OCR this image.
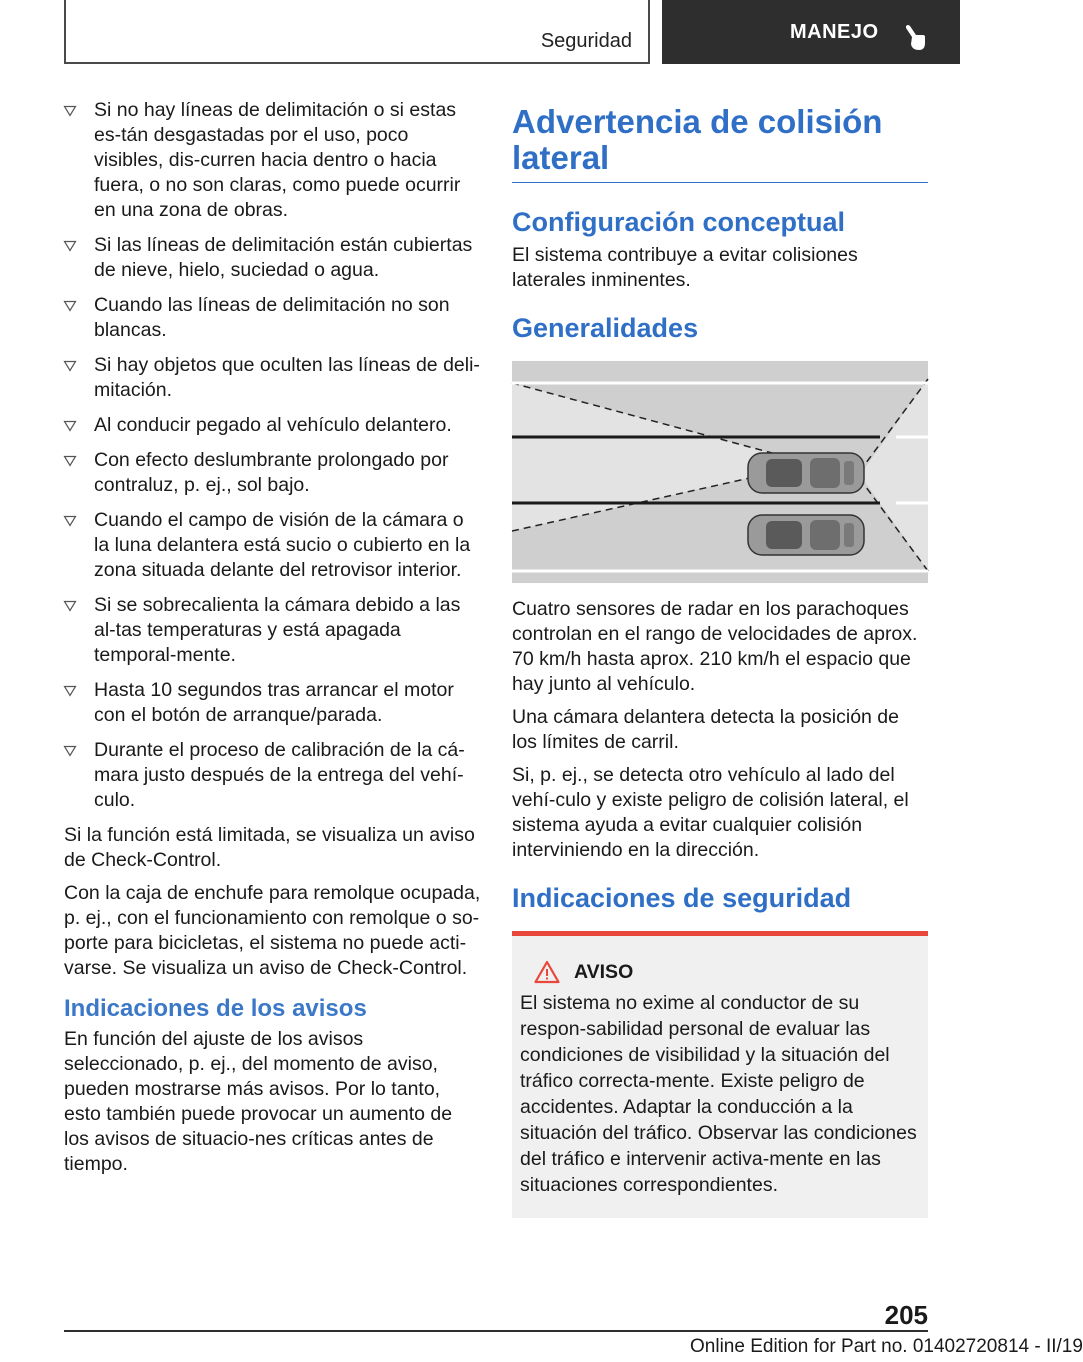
Seguridad	MANEJO
Si no hay líneas de delimitación o si estas es-tán desgastadas por el uso, poco visibles, dis-curren hacia dentro o hacia fuera, o no son claras, como puede ocurrir en una zona de obras.
Si las líneas de delimitación están cubiertas de nieve, hielo, suciedad o agua.
Cuando las líneas de delimitación no son blancas.
Si hay objetos que oculten las líneas de deli-mitación.
Al conducir pegado al vehículo delantero.
Con efecto deslumbrante prolongado por contraluz, p. ej., sol bajo.
Cuando el campo de visión de la cámara o la luna delantera está sucio o cubierto en la zona situada delante del retrovisor interior.
Si se sobrecalienta la cámara debido a las al-tas temperaturas y está apagada temporal-mente.
Hasta 10 segundos tras arrancar el motor con el botón de arranque/parada.
Durante el proceso de calibración de la cá-mara justo después de la entrega del vehí-culo.

Si la función está limitada, se visualiza un aviso de Check-Control.

Con la caja de enchufe para remolque ocupada, p. ej., con el funcionamiento con remolque o so-porte para bicicletas, el sistema no puede acti-varse. Se visualiza un aviso de Check-Control.

Indicaciones de los avisos

En función del ajuste de los avisos seleccionado, p. ej., del momento de aviso, pueden mostrarse más avisos. Por lo tanto, esto también puede provocar un aumento de los avisos de situacio-nes críticas antes de tiempo.

Advertencia de colisión lateral
Configuración conceptual

El sistema contribuye a evitar colisiones laterales inminentes.

Generalidades

Cuatro sensores de radar en los parachoques controlan en el rango de velocidades de aprox. 70 km/h hasta aprox. 210 km/h el espacio que hay junto al vehículo.

Una cámara delantera detecta la posición de los límites de carril.

Si, p. ej., se detecta otro vehículo al lado del vehí-culo y existe peligro de colisión lateral, el sistema ayuda a evitar cualquier colisión interviniendo en la dirección.

Indicaciones de seguridad
AVISO

El sistema no exime al conductor de su respon-sabilidad personal de evaluar las condiciones de visibilidad y la situación del tráfico correcta-mente. Existe peligro de accidentes. Adaptar la conducción a la situación del tráfico. Observar las condiciones del tráfico e intervenir activa-mente en las situaciones correspondientes.

205
Online Edition for Part no. 01402720814 - II/19
